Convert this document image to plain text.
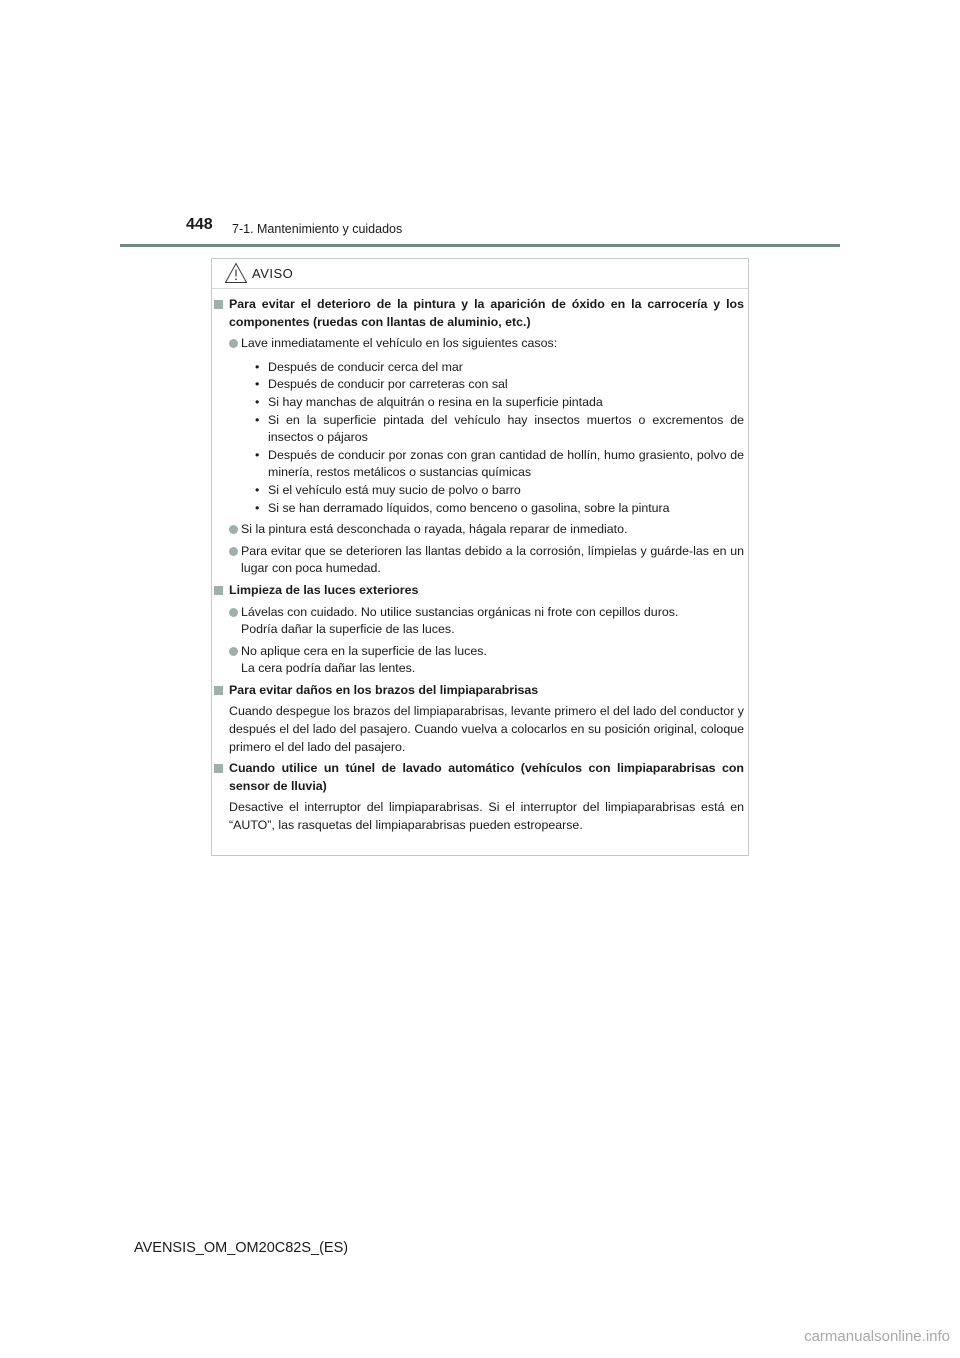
448 7-1. Mantenimiento y cuidados
AVISO
Para evitar el deterioro de la pintura y la aparición de óxido en la carrocería y los componentes (ruedas con llantas de aluminio, etc.)
Lave inmediatamente el vehículo en los siguientes casos:
• Después de conducir cerca del mar
• Después de conducir por carreteras con sal
• Si hay manchas de alquitrán o resina en la superficie pintada
• Si en la superficie pintada del vehículo hay insectos muertos o excrementos de insectos o pájaros
• Después de conducir por zonas con gran cantidad de hollín, humo grasiento, polvo de minería, restos metálicos o sustancias químicas
• Si el vehículo está muy sucio de polvo o barro
• Si se han derramado líquidos, como benceno o gasolina, sobre la pintura
Si la pintura está desconchada o rayada, hágala reparar de inmediato.
Para evitar que se deterioren las llantas debido a la corrosión, límpielas y guárde-las en un lugar con poca humedad.
Limpieza de las luces exteriores
Lávelas con cuidado. No utilice sustancias orgánicas ni frote con cepillos duros.
Podría dañar la superficie de las luces.
No aplique cera en la superficie de las luces.
La cera podría dañar las lentes.
Para evitar daños en los brazos del limpiaparabrisas
Cuando despegue los brazos del limpiaparabrisas, levante primero el del lado del conductor y después el del lado del pasajero. Cuando vuelva a colocarlos en su posición original, coloque primero el del lado del pasajero.
Cuando utilice un túnel de lavado automático (vehículos con limpiaparabrisas con sensor de lluvia)
Desactive el interruptor del limpiaparabrisas. Si el interruptor del limpiaparabrisas está en “AUTO”, las rasquetas del limpiaparabrisas pueden estropearse.
AVENSIS_OM_OM20C82S_(ES)
carmanualsonline.info
